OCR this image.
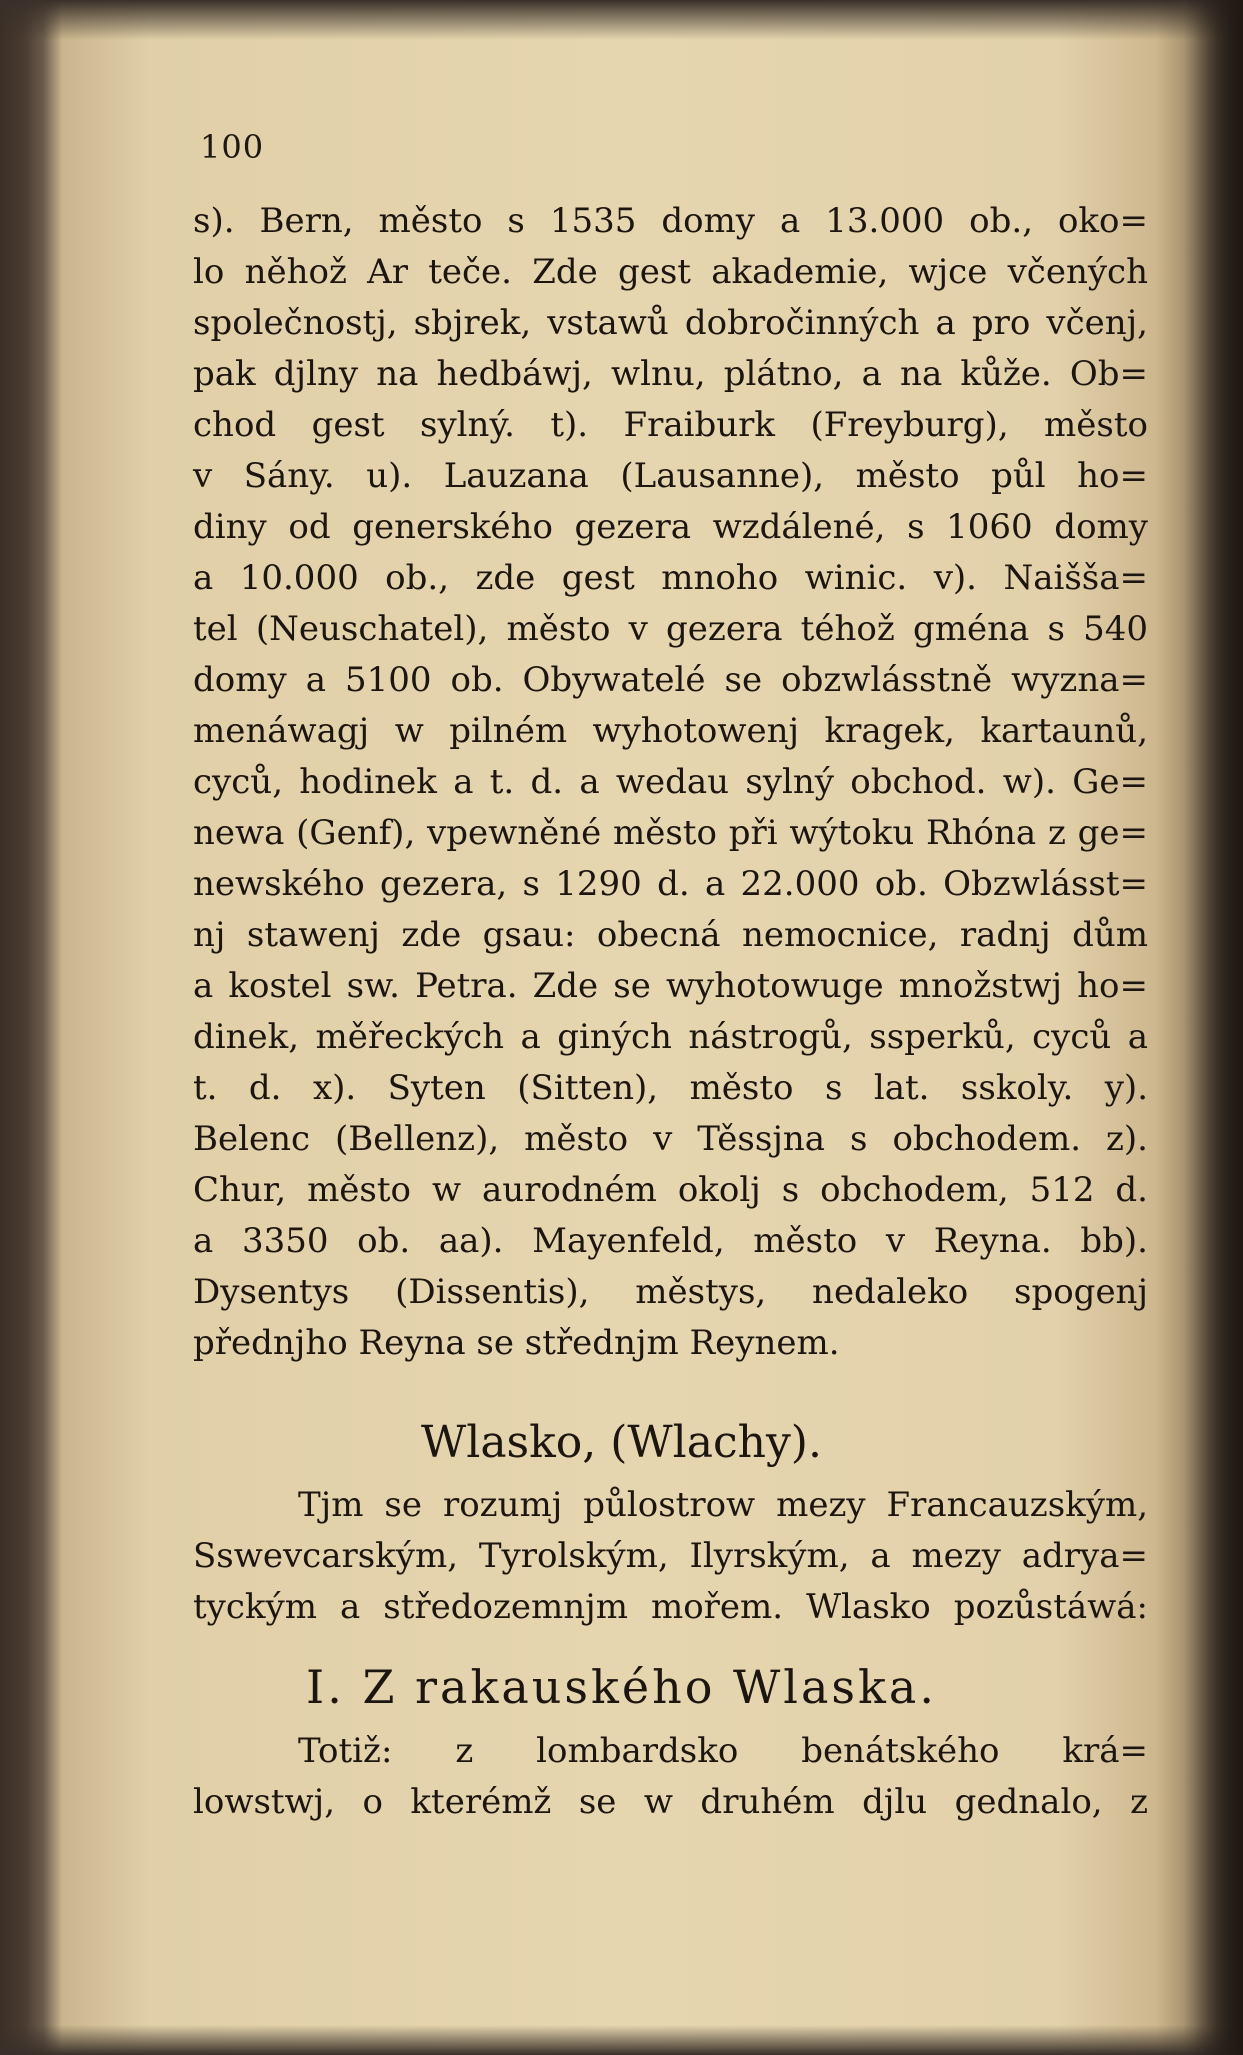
100
s). Bern, město s 1535 domy a 13.000 ob., oko=
lo něhož Ar teče. Zde gest akademie, wjce včených
společnostj, sbjrek, vstawů dobročinných a pro včenj,
pak djlny na hedbáwj, wlnu, plátno, a na kůže. Ob=
chod gest sylný. t). Fraiburk (Freyburg), město
v Sány. u). Lauzana (Lausanne), město půl ho=
diny od generského gezera wzdálené, s 1060 domy
a 10.000 ob., zde gest mnoho winic. v). Naišša=
tel (Neuschatel), město v gezera téhož gména s 540
domy a 5100 ob. Obywatelé se obzwlásstně wyzna=
menáwagj w pilném wyhotowenj kragek, kartaunů,
cyců, hodinek a t. d. a wedau sylný obchod. w). Ge=
newa (Genf), vpewněné město při wýtoku Rhóna z ge=
newského gezera, s 1290 d. a 22.000 ob. Obzwlásst=
nj stawenj zde gsau: obecná nemocnice, radnj dům
a kostel sw. Petra. Zde se wyhotowuge množstwj ho=
dinek, měřeckých a giných nástrogů, ssperků, cyců a
t. d. x). Syten (Sitten), město s lat. sskoly. y).
Belenc (Bellenz), město v Těssjna s obchodem. z).
Chur, město w aurodném okolj s obchodem, 512 d.
a 3350 ob. aa). Mayenfeld, město v Reyna. bb).
Dysentys (Dissentis), městys, nedaleko spogenj
přednjho Reyna se střednjm Reynem.
Wlasko, (Wlachy).
Tjm se rozumj půlostrow mezy Francauzským,
Sswevcarským, Tyrolským, Ilyrským, a mezy adrya=
tyckým a středozemnjm mořem. Wlasko pozůstáwá:
I. Z rakauského Wlaska.
Totiž: z lombardsko benátského krá=
lowstwj, o kterémž se w druhém djlu gednalo, z
